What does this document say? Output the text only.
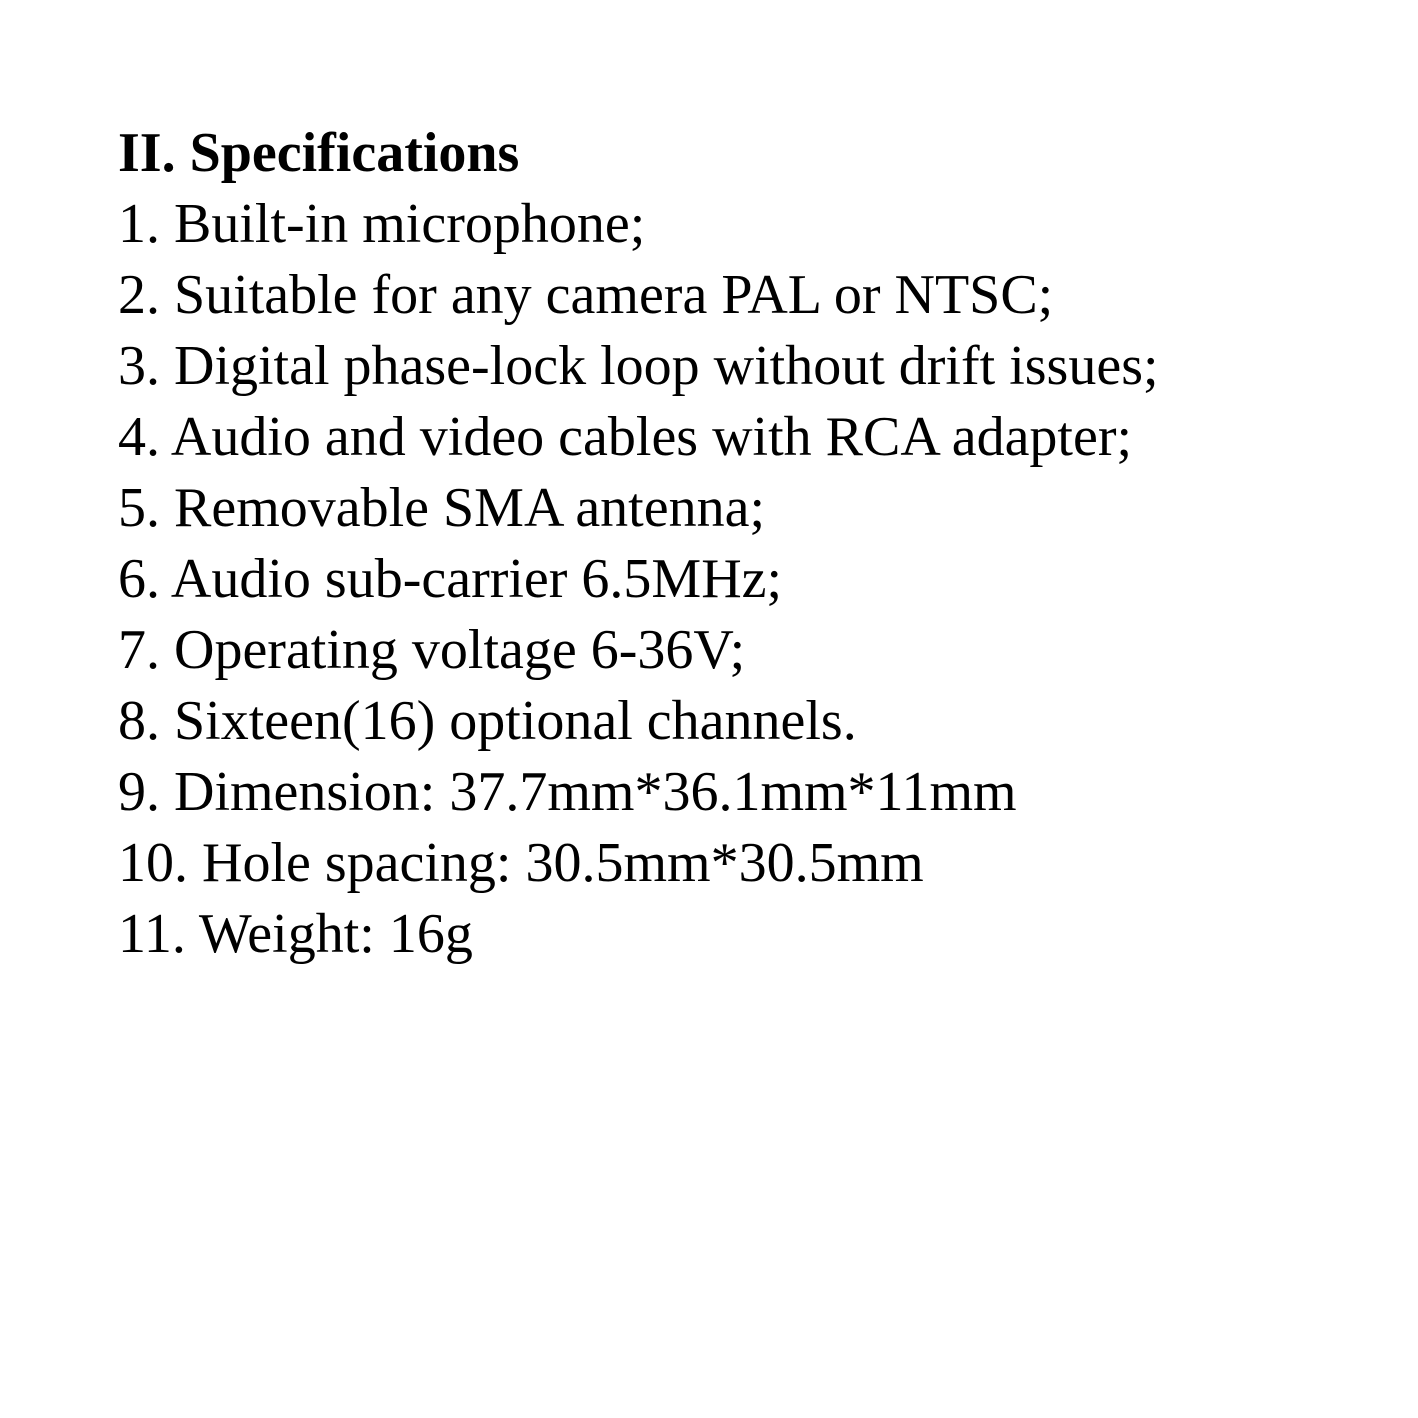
II. Specifications
1. Built-in microphone;
2. Suitable for any camera PAL or NTSC;
3. Digital phase-lock loop without drift issues;
4. Audio and video cables with RCA adapter;
5. Removable SMA antenna;
6. Audio sub-carrier 6.5MHz;
7. Operating voltage 6-36V;
8. Sixteen(16) optional channels.
9. Dimension: 37.7mm*36.1mm*11mm
10. Hole spacing: 30.5mm*30.5mm
11. Weight: 16g
